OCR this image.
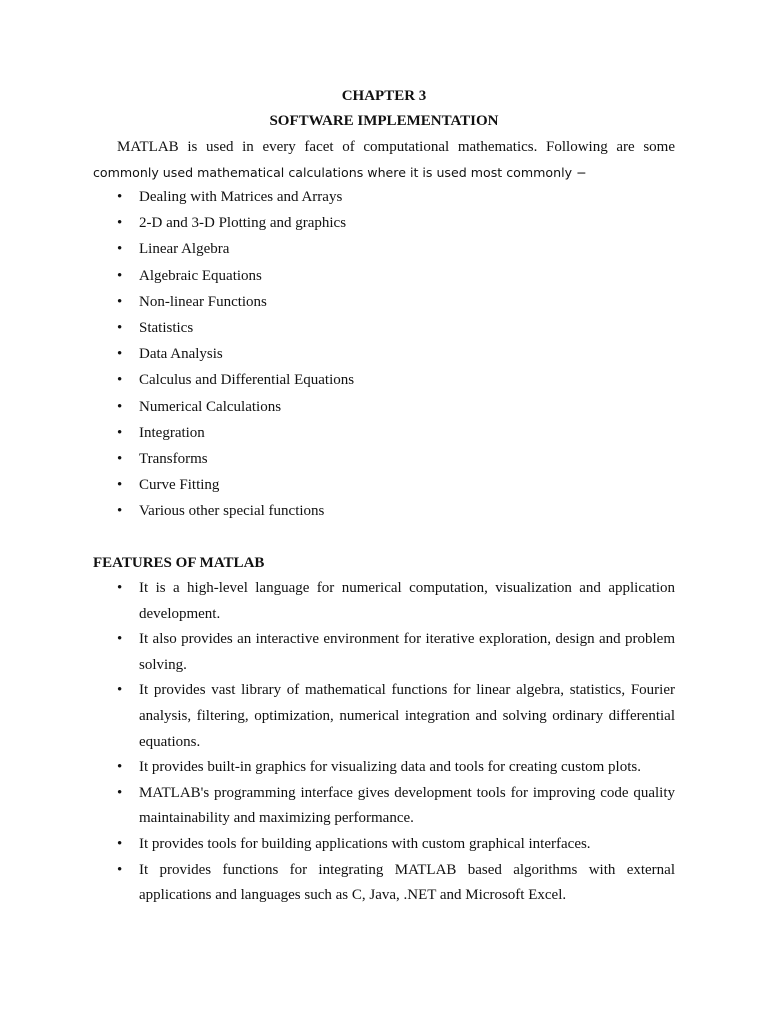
CHAPTER 3
SOFTWARE IMPLEMENTATION
MATLAB is used in every facet of computational mathematics. Following are some
commonly used mathematical calculations where it is used most commonly −
• Dealing with Matrices and Arrays
• 2-D and 3-D Plotting and graphics
• Linear Algebra
• Algebraic Equations
• Non-linear Functions
• Statistics
• Data Analysis
• Calculus and Differential Equations
• Numerical Calculations
• Integration
• Transforms
• Curve Fitting
• Various other special functions
FEATURES OF MATLAB
• It is a high-level language for numerical computation, visualization and application development.
• It also provides an interactive environment for iterative exploration, design and problem solving.
• It provides vast library of mathematical functions for linear algebra, statistics, Fourier analysis, filtering, optimization, numerical integration and solving ordinary differential equations.
• It provides built-in graphics for visualizing data and tools for creating custom plots.
• MATLAB's programming interface gives development tools for improving code quality maintainability and maximizing performance.
• It provides tools for building applications with custom graphical interfaces.
• It provides functions for integrating MATLAB based algorithms with external applications and languages such as C, Java, .NET and Microsoft Excel.
